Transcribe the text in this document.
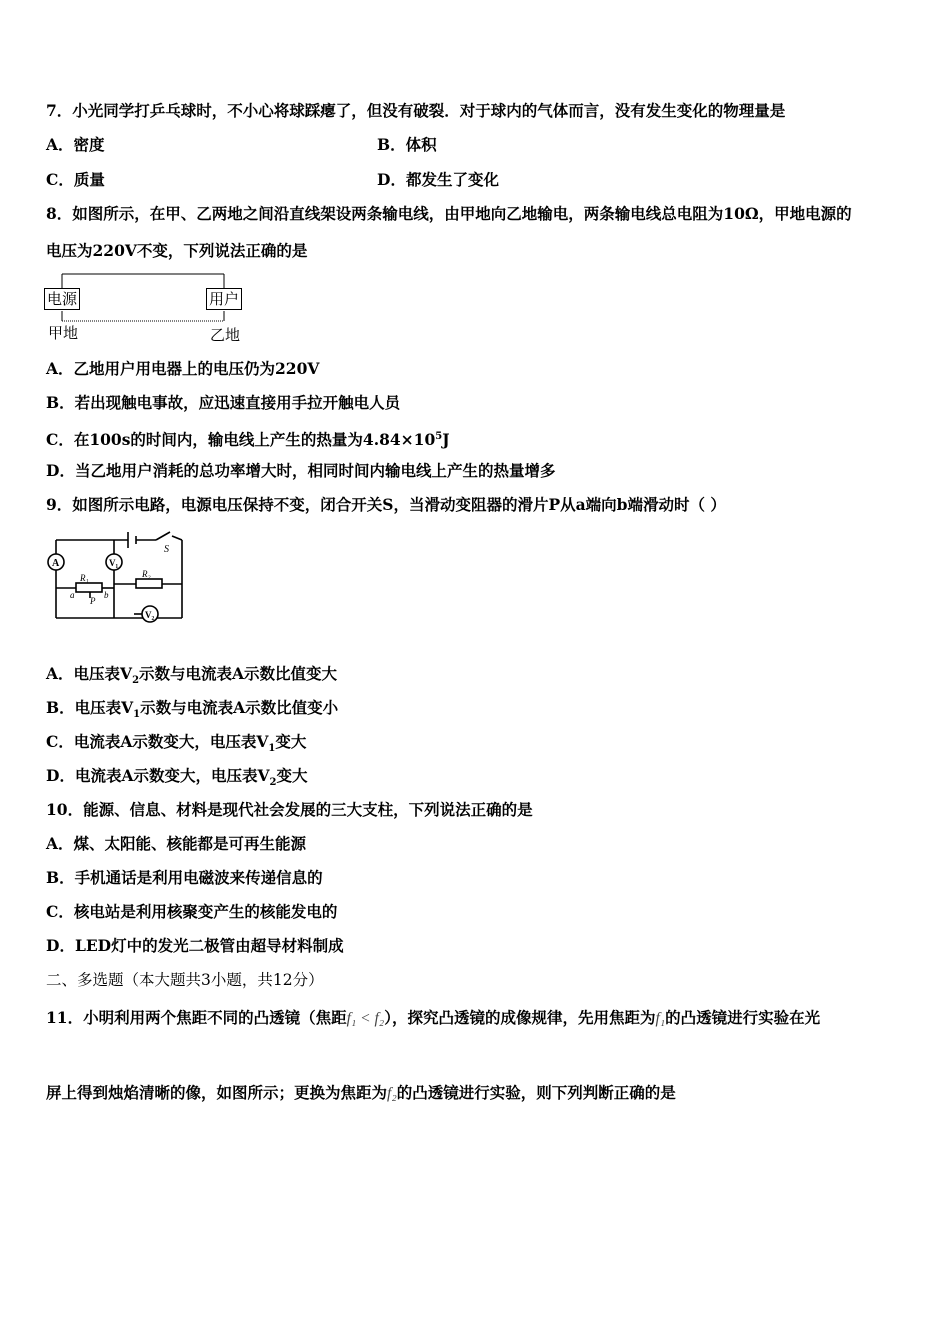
7．小光同学打乒乓球时，不小心将球踩瘪了，但没有破裂．对于球内的气体而言，没有发生变化的物理量是
A．密度	B．体积
C．质量	D．都发生了变化
8．如图所示，在甲、乙两地之间沿直线架设两条输电线，由甲地向乙地输电，两条输电线总电阻为10Ω，甲地电源的
电压为220V不变，下列说法正确的是
电源	用户
甲地	乙地
A．乙地用户用电器上的电压仍为220V
B．若出现触电事故，应迅速直接用手拉开触电人员
C．在100s的时间内，输电线上产生的热量为$4.84\times 10^5J$
D．当乙地用户消耗的总功率增大时，相同时间内输电线上产生的热量增多
9．如图所示电路，电源电压保持不变，闭合开关S，当滑动变阻器的滑片P从a端向b端滑动时（ ）
A	V₁
V₂
S
R₁	R₂
a	b
P
A．电压表$V_2$示数与电流表A示数比值变大
B．电压表$V_1$示数与电流表A示数比值变小
C．电流表A示数变大，电压表$V_1$变大
D．电流表A示数变大，电压表$V_2$变大
10．能源、信息、材料是现代社会发展的三大支柱，下列说法正确的是
A．煤、太阳能、核能都是可再生能源
B．手机通话是利用电磁波来传递信息的
C．核电站是利用核聚变产生的核能发电的
D．LED灯中的发光二极管由超导材料制成
二、多选题（本大题共3小题，共12分）
11．小明利用两个焦距不同的凸透镜（焦距f₁ < f₂），探究凸透镜的成像规律，先用焦距为f₁的凸透镜进行实验在光
屏上得到烛焰清晰的像，如图所示；更换为焦距为f₂的凸透镜进行实验，则下列判断正确的是
